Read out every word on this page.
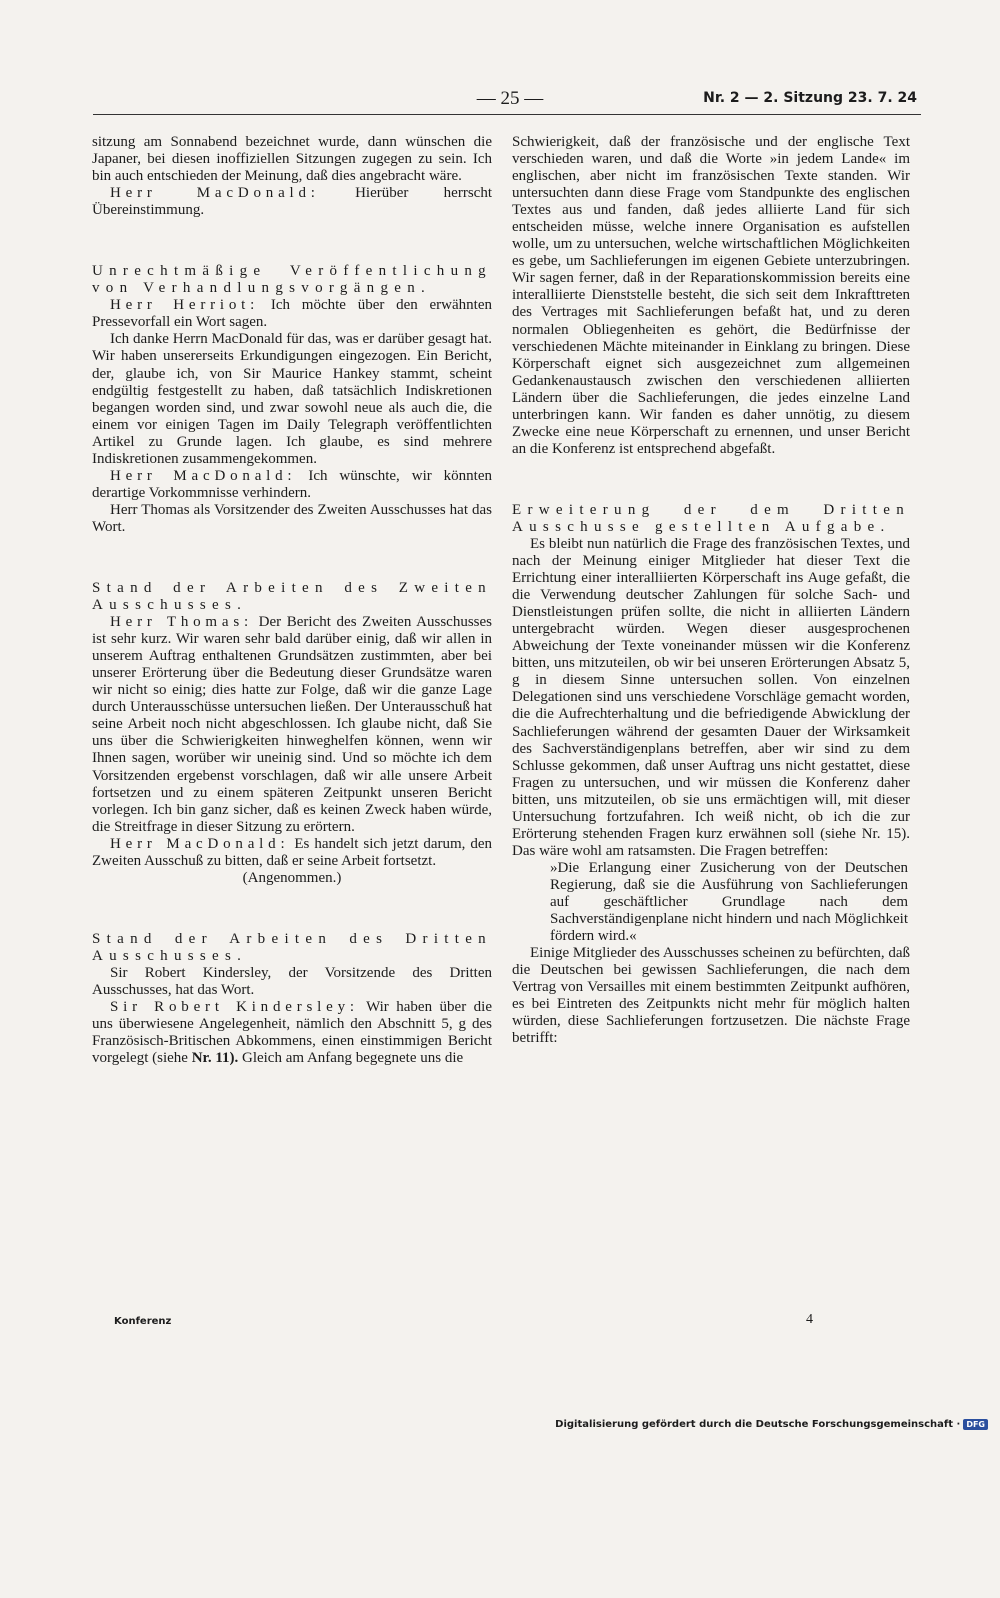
— 25 —	Nr. 2 — 2. Sitzung 23. 7. 24

sitzung am Sonnabend bezeichnet wurde, dann wünschen die Japaner, bei diesen inoffiziellen Sitzungen zugegen zu sein. Ich bin auch entschieden der Meinung, daß dies angebracht wäre.

Herr MacDonald: Hierüber herrscht Übereinstimmung.

Unrechtmäßige Veröffentlichung von Verhandlungsvorgängen.

Herr Herriot: Ich möchte über den erwähnten Pressevorfall ein Wort sagen.

Ich danke Herrn MacDonald für das, was er darüber gesagt hat. Wir haben unsererseits Erkundigungen eingezogen. Ein Bericht, der, glaube ich, von Sir Maurice Hankey stammt, scheint endgültig festgestellt zu haben, daß tatsächlich Indiskretionen begangen worden sind, und zwar sowohl neue als auch die, die einem vor einigen Tagen im Daily Telegraph veröffentlichten Artikel zu Grunde lagen. Ich glaube, es sind mehrere Indiskretionen zusammengekommen.

Herr MacDonald: Ich wünschte, wir könnten derartige Vorkommnisse verhindern.

Herr Thomas als Vorsitzender des Zweiten Ausschusses hat das Wort.

Stand der Arbeiten des Zweiten Ausschusses.

Herr Thomas: Der Bericht des Zweiten Ausschusses ist sehr kurz. Wir waren sehr bald darüber einig, daß wir allen in unserem Auftrag enthaltenen Grundsätzen zustimmten, aber bei unserer Erörterung über die Bedeutung dieser Grundsätze waren wir nicht so einig; dies hatte zur Folge, daß wir die ganze Lage durch Unterausschüsse untersuchen ließen. Der Unterausschuß hat seine Arbeit noch nicht abgeschlossen. Ich glaube nicht, daß Sie uns über die Schwierigkeiten hinweghelfen können, wenn wir Ihnen sagen, worüber wir uneinig sind. Und so möchte ich dem Vorsitzenden ergebenst vorschlagen, daß wir alle unsere Arbeit fortsetzen und zu einem späteren Zeitpunkt unseren Bericht vorlegen. Ich bin ganz sicher, daß es keinen Zweck haben würde, die Streitfrage in dieser Sitzung zu erörtern.

Herr MacDonald: Es handelt sich jetzt darum, den Zweiten Ausschuß zu bitten, daß er seine Arbeit fortsetzt.

(Angenommen.)

Stand der Arbeiten des Dritten Ausschusses.

Sir Robert Kindersley, der Vorsitzende des Dritten Ausschusses, hat das Wort.

Sir Robert Kindersley: Wir haben über die uns überwiesene Angelegenheit, nämlich den Abschnitt 5, g des Französisch-Britischen Abkommens, einen einstimmigen Bericht vorgelegt (siehe Nr. 11). Gleich am Anfang begegnete uns die

Schwierigkeit, daß der französische und der englische Text verschieden waren, und daß die Worte »in jedem Lande« im englischen, aber nicht im französischen Texte standen. Wir untersuchten dann diese Frage vom Standpunkte des englischen Textes aus und fanden, daß jedes alliierte Land für sich entscheiden müsse, welche innere Organisation es aufstellen wolle, um zu untersuchen, welche wirtschaftlichen Möglichkeiten es gebe, um Sachlieferungen im eigenen Gebiete unterzubringen. Wir sagen ferner, daß in der Reparationskommission bereits eine interalliierte Dienststelle besteht, die sich seit dem Inkrafttreten des Vertrages mit Sachlieferungen befaßt hat, und zu deren normalen Obliegenheiten es gehört, die Bedürfnisse der verschiedenen Mächte miteinander in Einklang zu bringen. Diese Körperschaft eignet sich ausgezeichnet zum allgemeinen Gedankenaustausch zwischen den verschiedenen alliierten Ländern über die Sachlieferungen, die jedes einzelne Land unterbringen kann. Wir fanden es daher unnötig, zu diesem Zwecke eine neue Körperschaft zu ernennen, und unser Bericht an die Konferenz ist entsprechend abgefaßt.

Erweiterung der dem Dritten Ausschusse gestellten Aufgabe.

Es bleibt nun natürlich die Frage des französischen Textes, und nach der Meinung einiger Mitglieder hat dieser Text die Errichtung einer interalliierten Körperschaft ins Auge gefaßt, die die Verwendung deutscher Zahlungen für solche Sach- und Dienstleistungen prüfen sollte, die nicht in alliierten Ländern untergebracht würden. Wegen dieser ausgesprochenen Abweichung der Texte voneinander müssen wir die Konferenz bitten, uns mitzuteilen, ob wir bei unseren Erörterungen Absatz 5, g in diesem Sinne untersuchen sollen. Von einzelnen Delegationen sind uns verschiedene Vorschläge gemacht worden, die die Aufrechterhaltung und die befriedigende Abwicklung der Sachlieferungen während der gesamten Dauer der Wirksamkeit des Sachverständigenplans betreffen, aber wir sind zu dem Schlusse gekommen, daß unser Auftrag uns nicht gestattet, diese Fragen zu untersuchen, und wir müssen die Konferenz daher bitten, uns mitzuteilen, ob sie uns ermächtigen will, mit dieser Untersuchung fortzufahren. Ich weiß nicht, ob ich die zur Erörterung stehenden Fragen kurz erwähnen soll (siehe Nr. 15). Das wäre wohl am ratsamsten. Die Fragen betreffen:

»Die Erlangung einer Zusicherung von der Deutschen Regierung, daß sie die Ausführung von Sachlieferungen auf geschäftlicher Grundlage nach dem Sachverständigenplane nicht hindern und nach Möglichkeit fördern wird.«

Einige Mitglieder des Ausschusses scheinen zu befürchten, daß die Deutschen bei gewissen Sachlieferungen, die nach dem Vertrag von Versailles mit einem bestimmten Zeitpunkt aufhören, es bei Eintreten des Zeitpunkts nicht mehr für möglich halten würden, diese Sachlieferungen fortzusetzen. Die nächste Frage betrifft:

Konferenz	4
Digitalisierung gefördert durch die Deutsche Forschungsgemeinschaft · DFG
